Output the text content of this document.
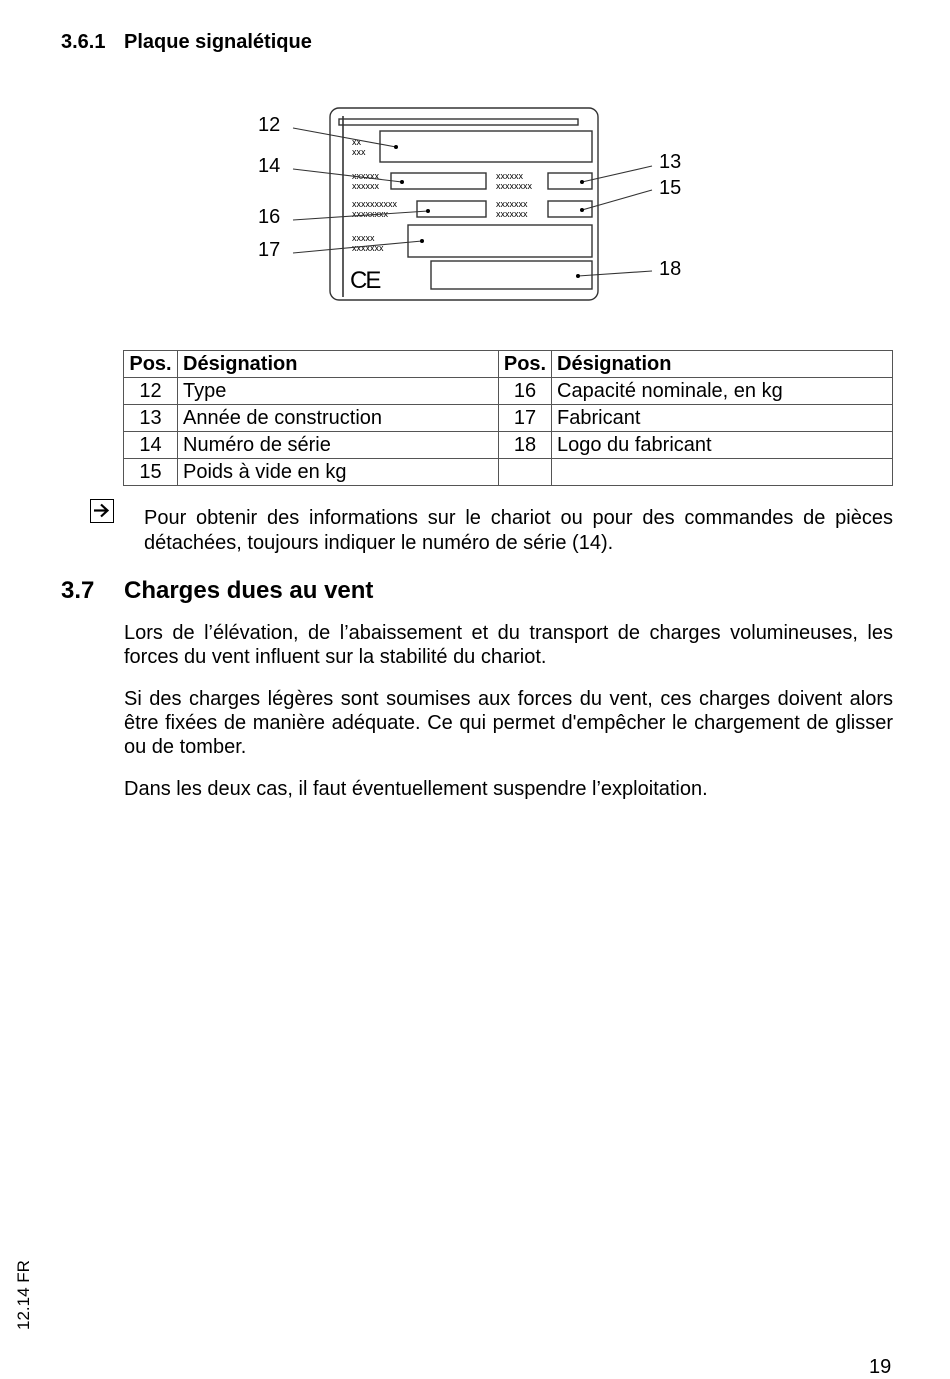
3.6.1 Plaque signalétique
xx
xxx
xxxxxx
xxxxxx
xxxxxx
xxxxxxxx
xxxxxxxxxx
xxxxxxxx
xxxxxxx
xxxxxxx
xxxxx
xxxxxxx
CE
12
14
16
17
13
15
18
Pos.	Désignation	Pos.	Désignation
12	Type	16	Capacité nominale, en kg
13	Année de construction	17	Fabricant
14	Numéro de série	18	Logo du fabricant
15	Poids à vide en kg		
Pour obtenir des informations sur le chariot ou pour des commandes de pièces détachées, toujours indiquer le numéro de série (14).
3.7 Charges dues au vent
Lors de l’élévation, de l’abaissement et du transport de charges volumineuses, les forces du vent influent sur la stabilité du chariot.
Si des charges légères sont soumises aux forces du vent, ces charges doivent alors être fixées de manière adéquate. Ce qui permet d'empêcher le chargement de glisser ou de tomber.
Dans les deux cas, il faut éventuellement suspendre l’exploitation.
12.14 FR
19
